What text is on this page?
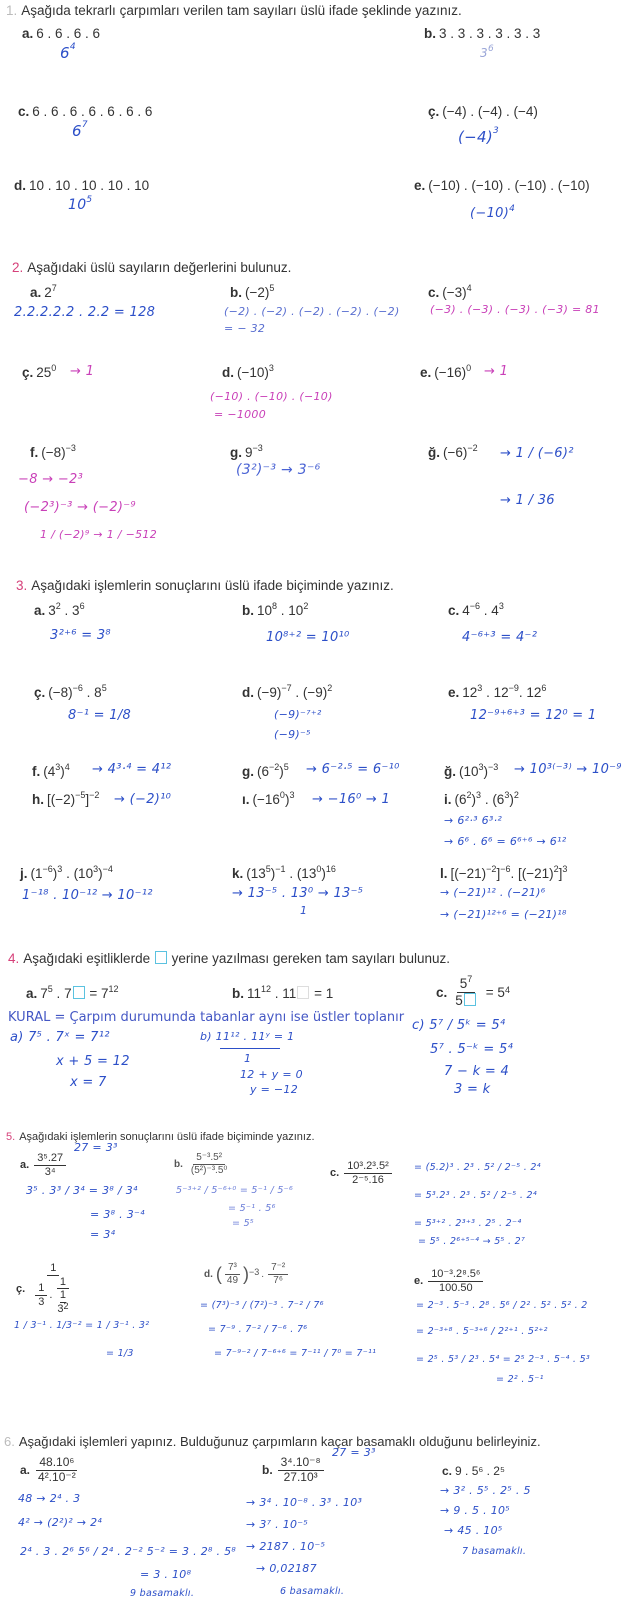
1. Aşağıda tekrarlı çarpımları verilen tam sayıları üslü ifade şeklinde yazınız.
a. 6 . 6 . 6 . 6
$6^4$
b. 3 . 3 . 3 . 3 . 3 . 3
$3^6$
c. 6 . 6 . 6 . 6 . 6 . 6 . 6
$6^7$
ç. (−4) . (−4) . (−4)
$(-4)^3$
d. 10 . 10 . 10 . 10 . 10
$10^5$
e. (−10) . (−10) . (−10) . (−10)
$(-10)^4$
2. Aşağıdaki üslü sayıların değerlerini bulunuz.
a. $2^7$
2.2.2.2.2 . 2.2 = 128
b. $(-2)^5$
(−2) . (−2) . (−2) . (−2) . (−2)
= − 32
c. $(-3)^4$
(−3) . (−3) . (−3) . (−3) = 81
ç. $25^0 \to 1$	d. $(-10)^3$
(−10) . (−10) . (−10)
= −1000
e. $(-16)^0 \to 1$
f. $(-8)^{-3}$
−8 → −2³
(−2³)⁻³ → (−2)⁻⁹
1 / (−2)⁹ → 1 / −512
g. $9^{-3}$
(3²)⁻³ → 3⁻⁶
ğ. $(-6)^{-2} \to 1 / (-6)^2$
→ 1 / 36
3. Aşağıdaki işlemlerin sonuçlarını üslü ifade biçiminde yazınız.
a. $3^2$ . $3^6$
3²⁺⁶ = 3⁸
b. $10^8$ . $10^2$
10⁸⁺² = 10¹⁰
c. $4^{-6}$ . $4^3$
4⁻⁶⁺³ = 4⁻²
ç. $(-8)^{-6}$ . $8^5$
8⁻¹ = 1/8
d. $(-9)^{-7}$ . $(-9)^2$
(−9)⁻⁷⁺²
(−9)⁻⁵
e. $12^3$ . $12^{-9}$. $12^6$
12⁻⁹⁺⁶⁺³ = 12⁰ = 1
f. $(4^3)^4 \to 4^3\cdot^4 = 4^{12}$	g. $(6^{-2})^5 \to 6^{-2}\cdot^5 = 6^{-10}$	ğ. $(10^3)^{-3} \to 10^{3(-3)} \to 10^{-9}$
h. $[(-2)^{-5}]^{-2} \to (-2)^{10}$	ı. $(-16^0)^3 \to -16^0 \to 1$	i. $(6^2)^3$ . $(6^3)^2$
→ 6²·³ 6³·²
→ 6⁶ . 6⁶ = 6⁶⁺⁶ → 6¹²
j. $(1^{-6})^3$ . $(10^3)^{-4}$
1⁻¹⁸ . 10⁻¹² → 10⁻¹²
k. $(13^5)^{-1}$ . $(13^0)^{16}$
→ 13⁻⁵ . 13⁰ → 13⁻⁵
1
l. $[(-21)^{-2}]^{-6}$. $[(-21)^2]^3$
→ (−21)¹² . (−21)⁶
→ (−21)¹²⁺⁶ = (−21)¹⁸
4. Aşağıdaki eşitliklerde yerine yazılması gereken tam sayıları bulunuz.
a. $7^5$ . $7 = 7^{12}$	b. $11^{12}$ . 11 = 1	c. $\frac{5^7}{5} = 5^4$
KURAL = Çarpım durumunda tabanlar aynı ise üstler toplanır
a) 7⁵ . 7ˣ = 7¹²
x + 5 = 12
x = 7
b) 11¹² . 11ʸ = 1
1
12 + y = 0
y = −12
c) 5⁷ / 5ᵏ = 5⁴
5⁷ . 5⁻ᵏ = 5⁴
7 − k = 4
3 = k
5. Aşağıdaki işlemlerin sonuçlarını üslü ifade biçiminde yazınız.
27 = 3³
a. $\frac{\text{3⁵.27}}{\text{3⁴}}$
3⁵ . 3³ / 3⁴ = 3⁸ / 3⁴
= 3⁸ . 3⁻⁴
= 3⁴
b. $\frac{\text{5⁻³.5²}}{\text{(5²)⁻³.5⁰}}$
5⁻³⁺² / 5⁻⁶⁺⁰ = 5⁻¹ / 5⁻⁶
= 5⁻¹ . 5⁶
= 5⁵
c. $\frac{\text{10³.2³.5²}}{\text{2⁻⁵.16}} = (5.2)^3$ . 2³ . 5² / 2⁻⁵ . 2⁴
= 5³.2³ . 2³ . 5² / 2⁻⁵ . 2⁴
= 5³⁺² . 2³⁺³ . 2⁵ . 2⁻⁴
= 5⁵ . 2⁶⁺⁵⁻⁴ → 5⁵ . 2⁷
ç. 1
$\frac{1}{3}$ . 1
1
$3^2$
1 / 3⁻¹ . 1/3⁻² = 1 / 3⁻¹ . 3²
= 1/3
d. ( $\frac{\text{7³}}{49} )^{-3}$ . $\frac{\text{7⁻²}}{\text{7⁶}}$
= (7³)⁻³ / (7²)⁻³ . 7⁻² / 7⁶
= 7⁻⁹ . 7⁻² / 7⁻⁶ . 7⁶
= 7⁻⁹⁻² / 7⁻⁶⁺⁶ = 7⁻¹¹ / 7⁰ = 7⁻¹¹
e. $\frac{\text{10⁻³.2⁸.5⁶}}{100.50}$
= 2⁻³ . 5⁻³ . 2⁸ . 5⁶ / 2² . 5² . 5² . 2
= 2⁻³⁺⁸ . 5⁻³⁺⁶ / 2²⁺¹ . 5²⁺²
= 2⁵ . 5³ / 2³ . 5⁴ = 2⁵ 2⁻³ . 5⁻⁴ . 5³
= 2² . 5⁻¹
6. Aşağıdaki işlemleri yapınız. Bulduğunuz çarpımların kaçar basamaklı olduğunu belirleyiniz.
a. $\frac{\text{48.10⁶}}{\text{4².10⁻²}}$
48 → 2⁴ . 3
4² → (2²)² → 2⁴
2⁴ . 3 . 2⁶ 5⁶ / 2⁴ . 2⁻² 5⁻² = 3 . 2⁸ . 5⁸
= 3 . 10⁸
9 basamaklı.
b. $\frac{\text{3⁴.10⁻⁸}}{\text{27.10³}}$
27 = 3³
→ 3⁴ . 10⁻⁸ . 3³ . 10³
→ 3⁷ . 10⁻⁵
→ 2187 . 10⁻⁵
→ 0,02187
6 basamaklı.
c. 9 . 5⁶ . 2⁵
→ 3² . 5⁵ . 2⁵ . 5
→ 9 . 5 . 10⁵
→ 45 . 10⁵
7 basamaklı.
